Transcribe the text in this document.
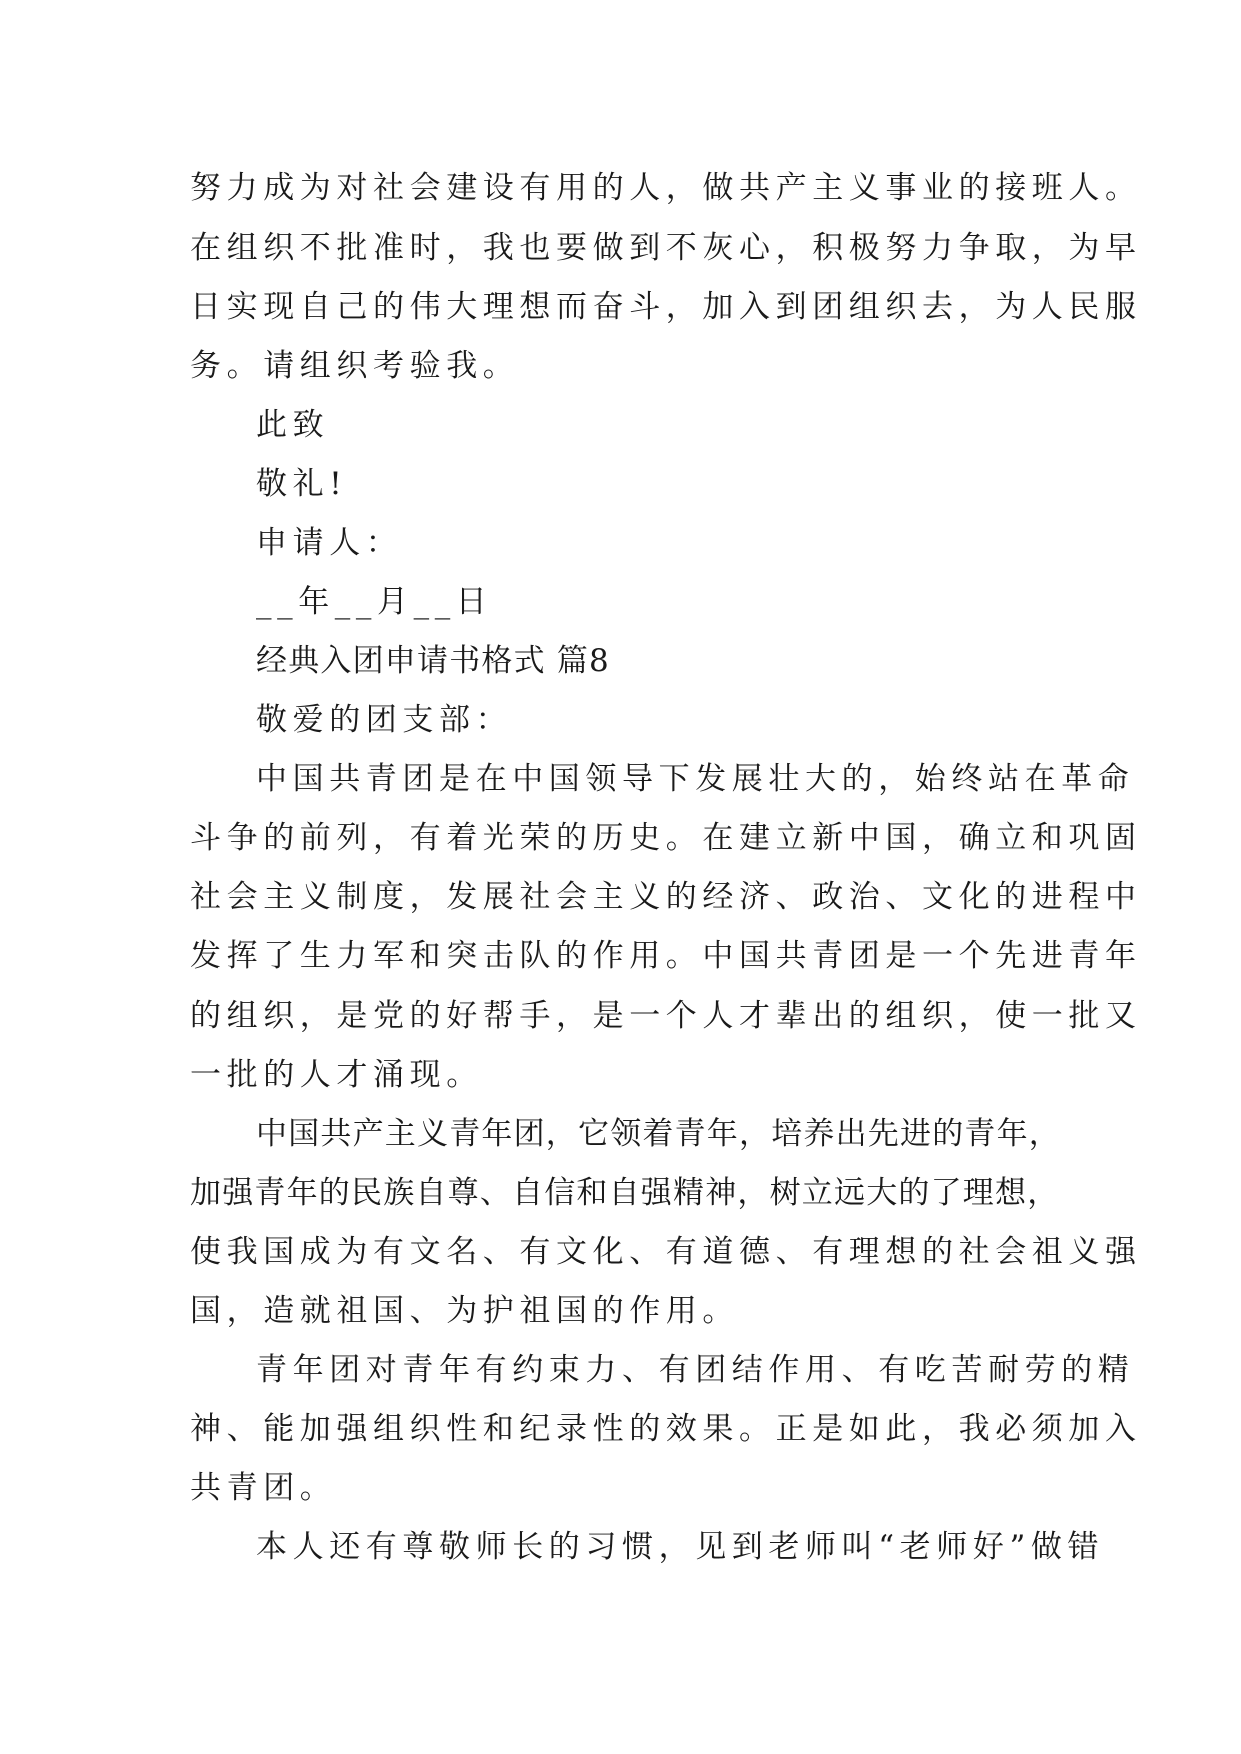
努力成为对社会建设有用的人，做共产主义事业的接班人。
在组织不批准时，我也要做到不灰心，积极努力争取，为早
日实现自己的伟大理想而奋斗，加入到团组织去，为人民服
务。请组织考验我。
此致
敬礼!
申请人：
__年__月__日
经典入团申请书格式 篇8
敬爱的团支部：
中国共青团是在中国领导下发展壮大的，始终站在革命
斗争的前列，有着光荣的历史。在建立新中国，确立和巩固
社会主义制度，发展社会主义的经济、政治、文化的进程中
发挥了生力军和突击队的作用。中国共青团是一个先进青年
的组织，是党的好帮手，是一个人才辈出的组织，使一批又
一批的人才涌现。
中国共产主义青年团，它领着青年，培养出先进的青年，
加强青年的民族自尊、自信和自强精神，树立远大的了理想，
使我国成为有文名、有文化、有道德、有理想的社会祖义强
国，造就祖国、为护祖国的作用。
青年团对青年有约束力、有团结作用、有吃苦耐劳的精
神、能加强组织性和纪录性的效果。正是如此，我必须加入
共青团。
本人还有尊敬师长的习惯，见到老师叫“老师好”做错
